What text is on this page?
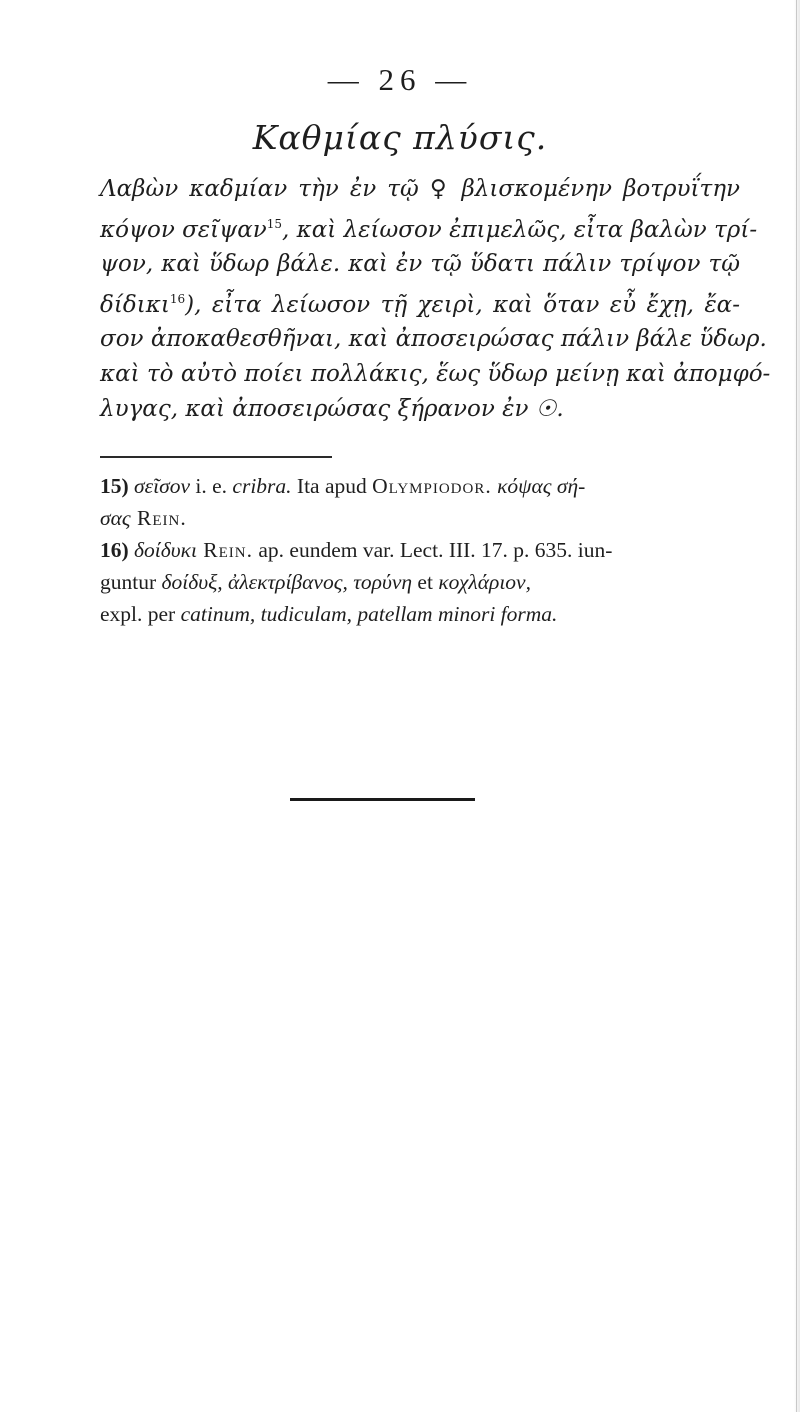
— 26 —
Καθμίας πλύσις.
Λαβὼν καδμίαν τὴν ἐν τῷ ♀ βλισκομένην βοτρυΐτην
κόψον σεῖψαν$^{15}$, καὶ λείωσον ἐπιμελῶς, εἶτα βαλὼν τρί-
ψον, καὶ ὕδωρ βάλε. καὶ ἐν τῷ ὕδατι πάλιν τρίψον τῷ
δίδικι$^{16}$), εἶτα λείωσον τῇ χειρὶ, καὶ ὅταν εὖ ἔχῃ, ἔα-
σον ἀποκαθεσθῆναι, καὶ ἀποσειρώσας πάλιν βάλε ὕδωρ.
καὶ τὸ αὐτὸ ποίει πολλάκις, ἕως ὕδωρ μείνῃ καὶ ἀπομφό-
λυγας, καὶ ἀποσειρώσας ξήρανον ἐν ☉.
15) σεῖσον i. e. cribra. Ita apud Olympiodor. κόψας σή-
σας Rein.
16) δοίδυκι Rein. ap. eundem var. Lect. III. 17. p. 635. iun-
guntur δοίδυξ, ἀλεκτρίβανος, τορύνη et κοχλάριον,
expl. per catinum, tudiculam, patellam minori forma.
